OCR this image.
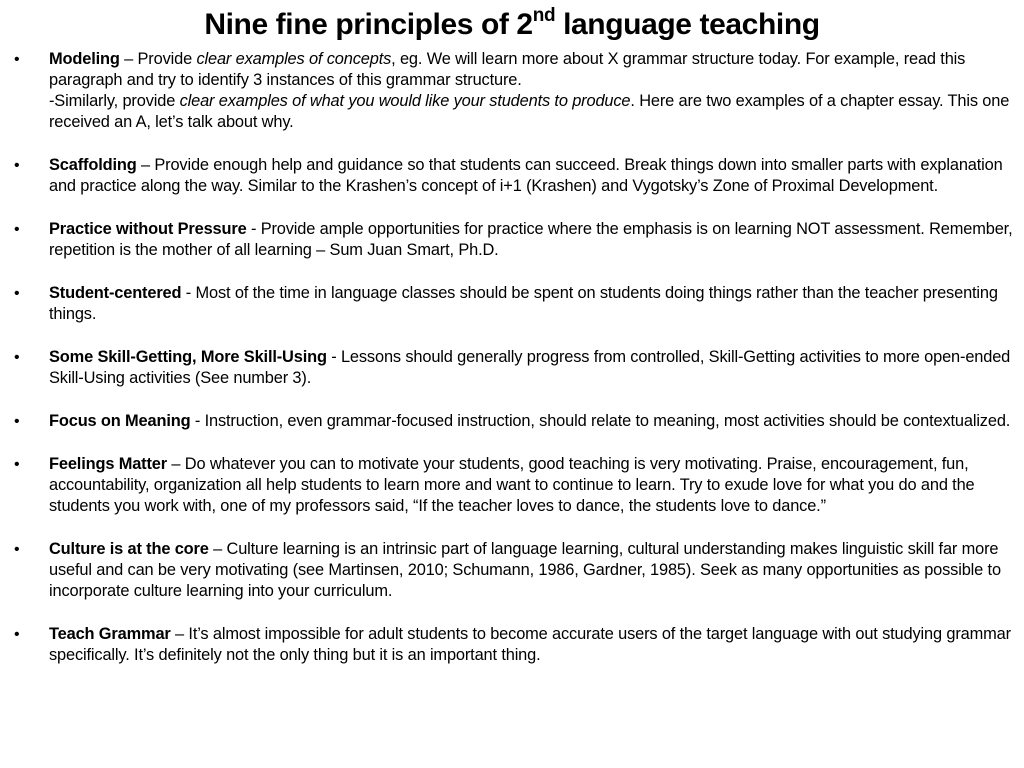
Nine fine principles of 2nd language teaching
• Modeling – Provide clear examples of concepts, eg. We will learn more about X grammar structure today. For example, read this paragraph and try to identify 3 instances of this grammar structure.
-Similarly, provide clear examples of what you would like your students to produce. Here are two examples of a chapter essay. This one received an A, let’s talk about why.
• Scaffolding – Provide enough help and guidance so that students can succeed. Break things down into smaller parts with explanation and practice along the way. Similar to the Krashen’s concept of i+1 (Krashen) and Vygotsky’s Zone of Proximal Development.
• Practice without Pressure - Provide ample opportunities for practice where the emphasis is on learning NOT assessment. Remember, repetition is the mother of all learning – Sum Juan Smart, Ph.D.
• Student-centered - Most of the time in language classes should be spent on students doing things rather than the teacher presenting things.
• Some Skill-Getting, More Skill-Using - Lessons should generally progress from controlled, Skill-Getting activities to more open-ended Skill-Using activities (See number 3).
• Focus on Meaning - Instruction, even grammar-focused instruction, should relate to meaning, most activities should be contextualized.
• Feelings Matter – Do whatever you can to motivate your students, good teaching is very motivating. Praise, encouragement, fun, accountability, organization all help students to learn more and want to continue to learn. Try to exude love for what you do and the students you work with, one of my professors said, “If the teacher loves to dance, the students love to dance.”
• Culture is at the core – Culture learning is an intrinsic part of language learning, cultural understanding makes linguistic skill far more useful and can be very motivating (see Martinsen, 2010; Schumann, 1986, Gardner, 1985). Seek as many opportunities as possible to incorporate culture learning into your curriculum.
• Teach Grammar – It’s almost impossible for adult students to become accurate users of the target language with out studying grammar specifically. It’s definitely not the only thing but it is an important thing.
